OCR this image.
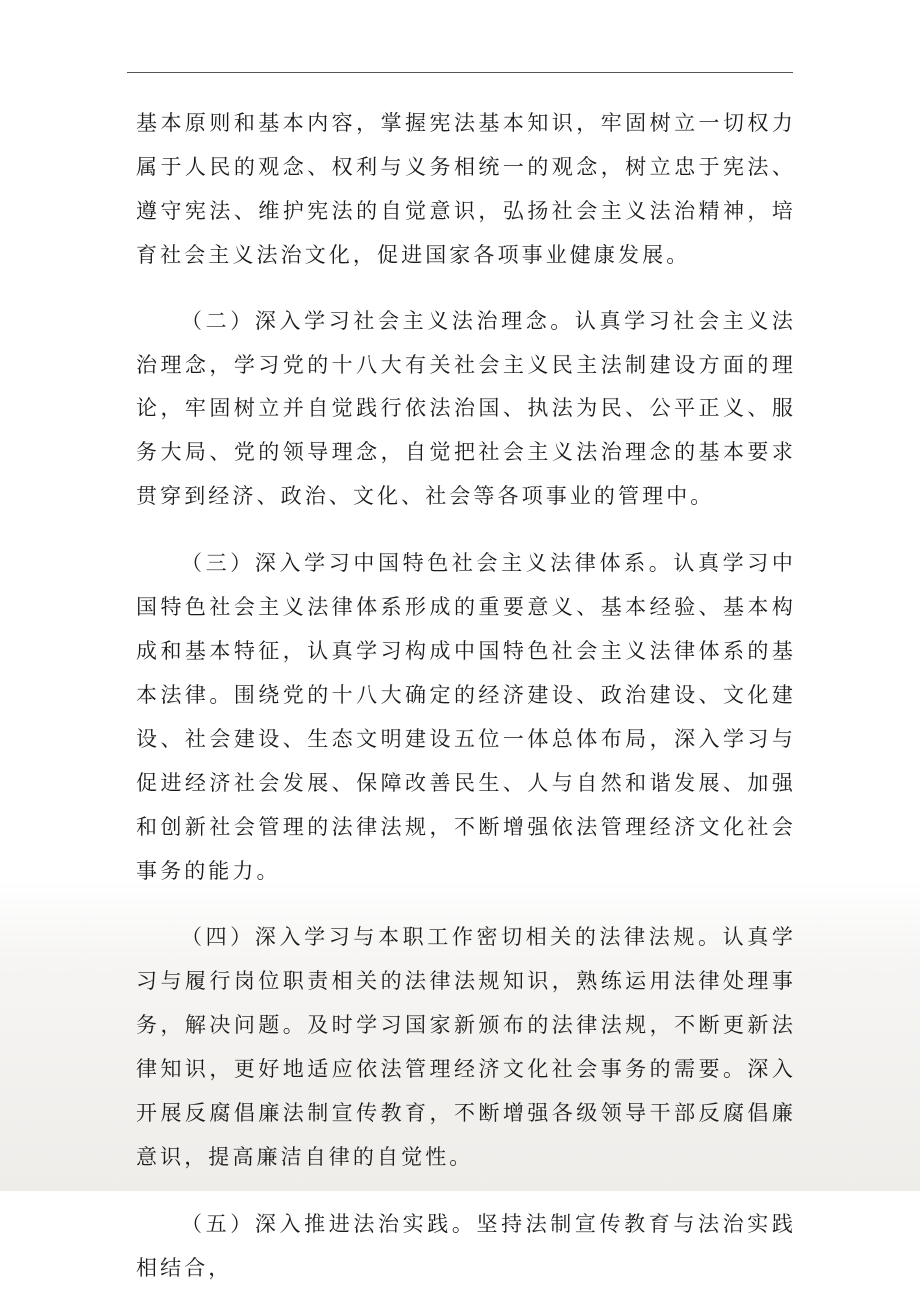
基本原则和基本内容，掌握宪法基本知识，牢固树立一切权力属于人民的观念、权利与义务相统一的观念，树立忠于宪法、遵守宪法、维护宪法的自觉意识，弘扬社会主义法治精神，培育社会主义法治文化，促进国家各项事业健康发展。

（二）深入学习社会主义法治理念。认真学习社会主义法治理念，学习党的十八大有关社会主义民主法制建设方面的理论，牢固树立并自觉践行依法治国、执法为民、公平正义、服务大局、党的领导理念，自觉把社会主义法治理念的基本要求贯穿到经济、政治、文化、社会等各项事业的管理中。

（三）深入学习中国特色社会主义法律体系。认真学习中国特色社会主义法律体系形成的重要意义、基本经验、基本构成和基本特征，认真学习构成中国特色社会主义法律体系的基本法律。围绕党的十八大确定的经济建设、政治建设、文化建设、社会建设、生态文明建设五位一体总体布局，深入学习与促进经济社会发展、保障改善民生、人与自然和谐发展、加强和创新社会管理的法律法规，不断增强依法管理经济文化社会事务的能力。

（四）深入学习与本职工作密切相关的法律法规。认真学习与履行岗位职责相关的法律法规知识，熟练运用法律处理事务，解决问题。及时学习国家新颁布的法律法规，不断更新法律知识，更好地适应依法管理经济文化社会事务的需要。深入开展反腐倡廉法制宣传教育，不断增强各级领导干部反腐倡廉意识，提高廉洁自律的自觉性。

（五）深入推进法治实践。坚持法制宣传教育与法治实践相结合，
